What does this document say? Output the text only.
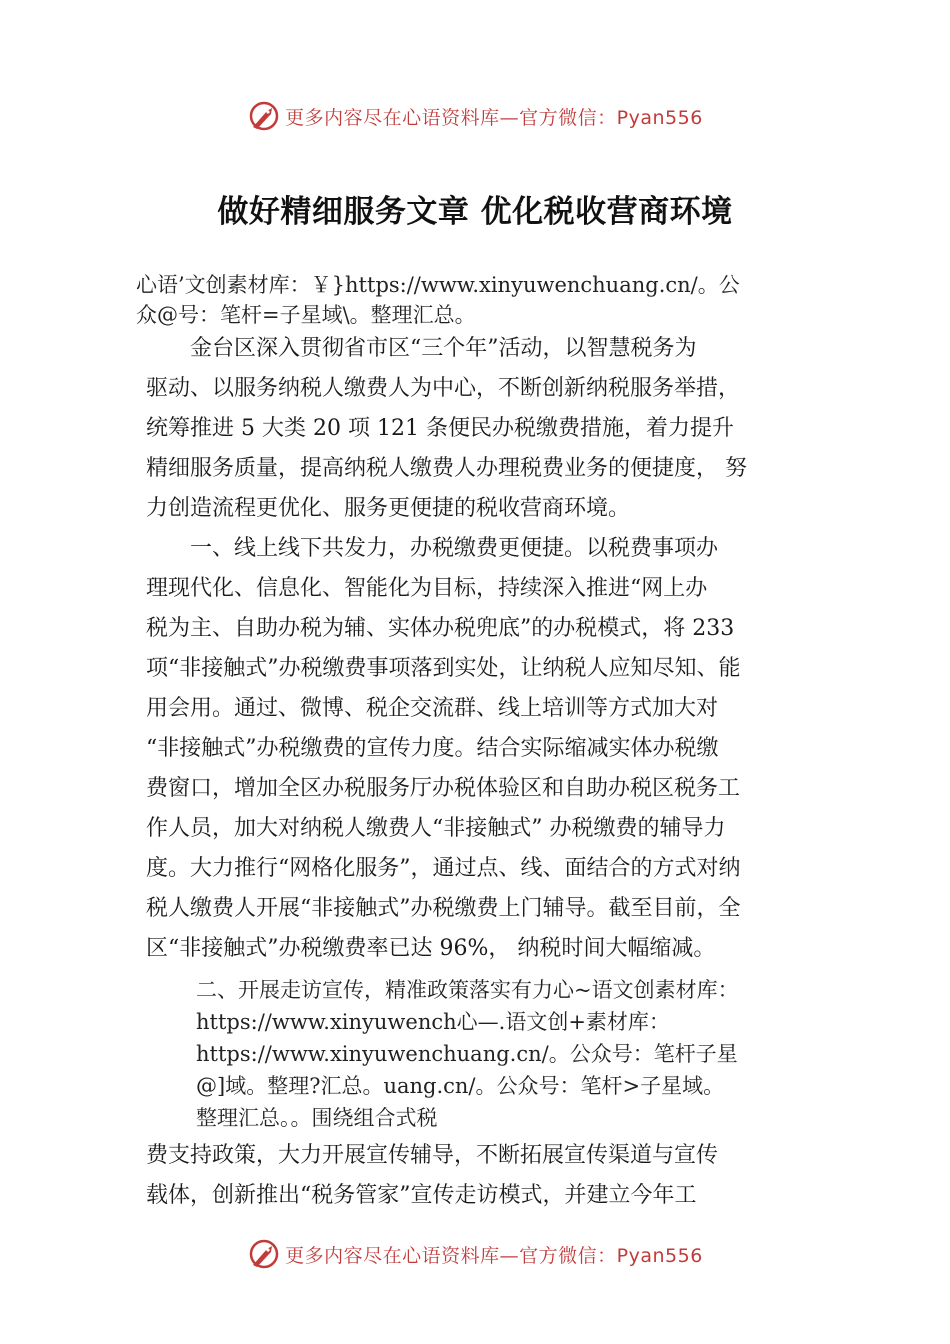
更多内容尽在心语资料库—官方微信：Pyan556
做好精细服务文章 优化税收营商环境
心语’文创素材库：￥}https://www.xinyuwenchuang.cn/。公
众@号：笔杆=子星域\。整理汇总。
　　金台区深入贯彻省市区“三个年”活动，以智慧税务为
驱动、以服务纳税人缴费人为中心，不断创新纳税服务举措，
统筹推进 5 大类 20 项 121 条便民办税缴费措施，着力提升
精细服务质量，提高纳税人缴费人办理税费业务的便捷度， 努
力创造流程更优化、服务更便捷的税收营商环境。
　　一、线上线下共发力，办税缴费更便捷。以税费事项办
理现代化、信息化、智能化为目标，持续深入推进“网上办
税为主、自助办税为辅、实体办税兜底”的办税模式，将 233
项“非接触式”办税缴费事项落到实处，让纳税人应知尽知、能
用会用。通过、微博、税企交流群、线上培训等方式加大对
“非接触式”办税缴费的宣传力度。结合实际缩减实体办税缴
费窗口，增加全区办税服务厅办税体验区和自助办税区税务工
作人员，加大对纳税人缴费人“非接触式” 办税缴费的辅导力
度。大力推行“网格化服务”，通过点、线、面结合的方式对纳
税人缴费人开展“非接触式”办税缴费上门辅导。截至目前，全
区“非接触式”办税缴费率已达 96%， 纳税时间大幅缩减。
二、开展走访宣传，精准政策落实有力心~语文创素材库：
https://www.xinyuwench心—.语文创+素材库：
https://www.xinyuwenchuang.cn/。公众号：笔杆子星
@]域。整理?汇总。uang.cn/。公众号：笔杆>子星域。
整理汇总。。围绕组合式税
费支持政策，大力开展宣传辅导，不断拓展宣传渠道与宣传
载体，创新推出“税务管家”宣传走访模式，并建立今年工
更多内容尽在心语资料库—官方微信：Pyan556
